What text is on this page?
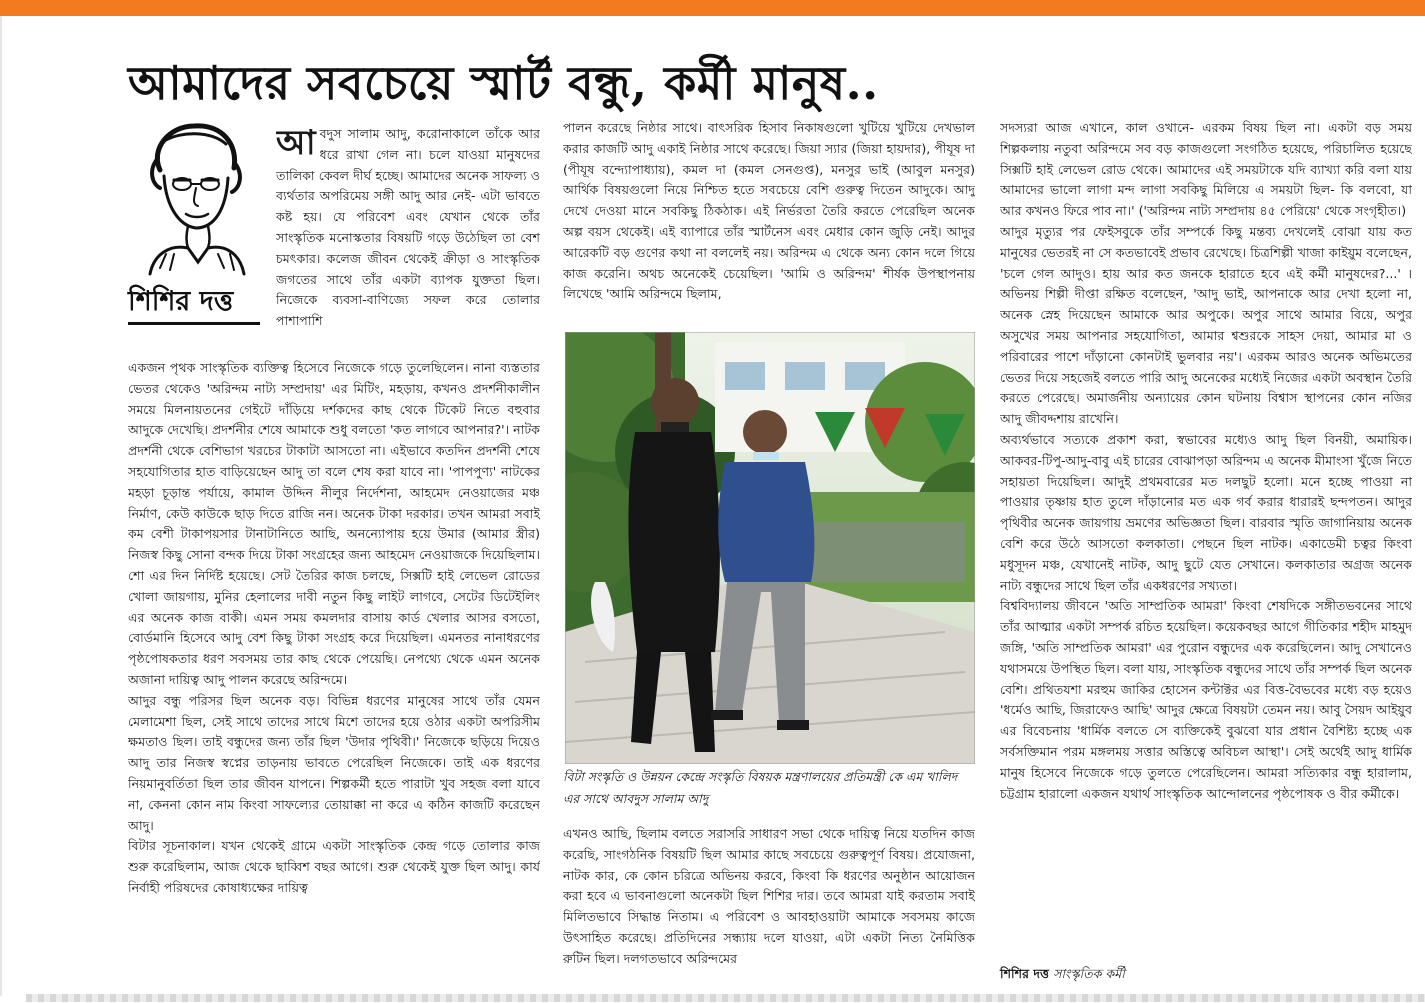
আমাদের সবচেয়ে স্মার্ট বন্ধু, কর্মী মানুষ..
শিশির দত্ত
আবদুস সালাম আদু, করোনাকালে তাঁকে আর ধরে রাখা গেল না। চলে যাওয়া মানুষদের তালিকা কেবল দীর্ঘ হচ্ছে। আমাদের অনেক সাফল্য ও ব্যর্থতার অপরিমেয় সঙ্গী আদু আর নেই- এটা ভাবতে কষ্ট হয়। যে পরিবেশ এবং যেখান থেকে তাঁর সাংস্কৃতিক মনোস্কতার বিষয়টি গড়ে উঠেছিল তা বেশ চমৎকার। কলেজ জীবন থেকেই ক্রীড়া ও সাংস্কৃতিক জগতের সাথে তাঁর একটা ব্যাপক যুক্ততা ছিল। নিজেকে ব্যবসা-বাণিজ্যে সফল করে তোলার পাশাপাশি

একজন পৃথক সাংস্কৃতিক ব্যক্তিত্ব হিসেবে নিজেকে গড়ে তুলেছিলেন। নানা ব্যস্ততার ভেতর থেকেও 'অরিন্দম নাট্য সম্প্রদায়' এর মিটিং, মহড়ায়, কখনও প্রদর্শনীকালীন সময়ে মিলনায়তনের গেইটে দাঁড়িয়ে দর্শকদের কাছ থেকে টিকেট নিতে বহুবার আদুকে দেখেছি। প্রদর্শনীর শেষে আমাকে শুধু বলতো 'কত লাগবে আপনার?'। নাটক প্রদর্শনী থেকে বেশিভাগ খরচের টাকাটা আসতো না। এইভাবে কতদিন প্রদর্শনী শেষে সহযোগিতার হাত বাড়িয়েছেন আদু তা বলে শেষ করা যাবে না। 'পাপপুণ্য' নাটকের মহড়া চূড়ান্ত পর্যায়ে, কামাল উদ্দিন নীলুর নির্দেশনা, আহমেদ নেওয়াজের মঞ্চ নির্মাণ, কেউ কাউকে ছাড় দিতে রাজি নন। অনেক টাকা দরকার। তখন আমরা সবাই কম বেশী টাকাপয়সার টানাটানিতে আছি, অনন্যোপায় হয়ে উমার (আমার স্ত্রীর) নিজস্ব কিছু সোনা বন্দক দিয়ে টাকা সংগ্রহের জন্য আহমেদ নেওয়াজকে দিয়েছিলাম। শো এর দিন নির্দিষ্ট হয়েছে। সেট তৈরির কাজ চলছে, সিক্সটি হাই লেভেল রোডের খোলা জায়গায়, মুনির হেলালের দাবী নতুন কিছু লাইট লাগবে, সেটের ডিটেইলিং এর অনেক কাজ বাকী। এমন সময় কমলদার বাসায় কার্ড খেলার আসর বসতো, বোর্ডমানি হিসেবে আদু বেশ কিছু টাকা সংগ্রহ করে দিয়েছিল। এমনতর নানাধরণের পৃষ্ঠপোষকতার ধরণ সবসময় তার কাছ থেকে পেয়েছি। নেপথ্যে থেকে এমন অনেক অজানা দায়িত্ব আদু পালন করেছে অরিন্দমে।

আদুর বন্ধু পরিসর ছিল অনেক বড়। বিভিন্ন ধরণের মানুষের সাথে তাঁর যেমন মেলামেশা ছিল, সেই সাথে তাদের সাথে মিশে তাদের হয়ে ওঠার একটা অপরিসীম ক্ষমতাও ছিল। তাই বন্ধুদের জন্য তাঁর ছিল 'উদার পৃথিবী।' নিজেকে ছড়িয়ে দিয়েও আদু তার নিজস্ব স্বপ্নের তাড়নায় ভাবতে পেরেছিল নিজেকে। তাই এক ধরণের নিয়মানুবর্তিতা ছিল তার জীবন যাপনে। শিল্পকর্মী হতে পারাটা খুব সহজ বলা যাবে না, কেননা কোন নাম কিংবা সাফল্যের তোয়াক্কা না করে এ কঠিন কাজটি করেছেন আদু।

বিটার সূচনাকাল। যখন থেকেই গ্রামে একটা সাংস্কৃতিক কেন্দ্র গড়ে তোলার কাজ শুরু করেছিলাম, আজ থেকে ছাব্বিশ বছর আগে। শুরু থেকেই যুক্ত ছিল আদু। কার্য নির্বাহী পরিষদের কোষাধ্যক্ষের দায়িত্ব

পালন করেছে নিষ্ঠার সাথে। বাৎসরিক হিসাব নিকাষগুলো খুটিয়ে খুটিয়ে দেখভাল করার কাজটি আদু একাই নিষ্ঠার সাথে করেছে। জিয়া স্যার (জিয়া হায়দার), পীযূষ দা (পীযূষ বন্দ্যোপাধ্যায়), কমল দা (কমল সেনগুপ্ত), মনসুর ভাই (আবুল মনসুর) আর্থিক বিষয়গুলো নিয়ে নিশ্চিত হতে সবচেয়ে বেশি গুরুত্ব দিতেন আদুকে। আদু দেখে দেওয়া মানে সবকিছু ঠিকঠাক। এই নির্ভরতা তৈরি করতে পেরেছিল অনেক অল্প বয়স থেকেই। এই ব্যাপারে তাঁর স্মার্টনেস এবং মেধার কোন জুড়ি নেই। আদুর আরেকটি বড় গুণের কথা না বললেই নয়। অরিন্দম এ থেকে অন্য কোন দলে গিয়ে কাজ করেনি। অথচ অনেকেই চেয়েছিল। 'আমি ও অরিন্দম' শীর্ষক উপস্থাপনায় লিখেছে 'আমি অরিন্দমে ছিলাম,

বিটা সংস্কৃতি ও উন্নয়ন কেন্দ্রে সংস্কৃতি বিষয়ক মন্ত্রণালয়ের প্রতিমন্ত্রী কে এম খালিদ এর সাথে আবদুস সালাম আদু

এখনও আছি, ছিলাম বলতে সরাসরি সাধারণ সভা থেকে দায়িত্ব নিয়ে যতদিন কাজ করেছি, সাংগঠনিক বিষয়টি ছিল আমার কাছে সবচেয়ে গুরুত্বপূর্ণ বিষয়। প্রযোজনা, নাটক কার, কে কোন চরিত্রে অভিনয় করবে, কিংবা কি ধরণের অনুষ্ঠান আয়োজন করা হবে এ ভাবনাগুলো অনেকটা ছিল শিশির দার। তবে আমরা যাই করতাম সবাই মিলিতভাবে সিদ্ধান্ত নিতাম। এ পরিবেশ ও আবহাওয়াটা আমাকে সবসময় কাজে উৎসাহিত করেছে। প্রতিদিনের সন্ধ্যায় দলে যাওয়া, এটা একটা নিত্য নৈমিত্তিক রুটিন ছিল। দলগতভাবে অরিন্দমের

সদস্যরা আজ এখানে, কাল ওখানে- এরকম বিষয় ছিল না। একটা বড় সময় শিল্পকলায় নতুবা অরিন্দমে সব বড় কাজগুলো সংগঠিত হয়েছে, পরিচালিত হয়েছে সিক্সটি হাই লেভেল রোড থেকে। আমাদের এই সময়টাকে যদি ব্যাখ্যা করি বলা যায় আমাদের ভালো লাগা মন্দ লাগা সবকিছু মিলিয়ে এ সময়টা ছিল- কি বলবো, যা আর কখনও ফিরে পাব না।' ('অরিন্দম নাট্য সম্প্রদায় ৪৫ পেরিয়ে' থেকে সংগৃহীত।)

আদুর মৃত্যুর পর ফেইসবুকে তাঁর সম্পর্কে কিছু মন্তব্য দেখলেই বোঝা যায় কত মানুষের ভেতরই না সে কতভাবেই প্রভাব রেখেছে। চিত্রশিল্পী খাজা কাইয়ুম বলেছেন, 'চলে গেল আদুও। হায় আর কত জনকে হারাতে হবে এই কর্মী মানুষদের?...' । অভিনয় শিল্পী দীপ্তা রক্ষিত বলেছেন, 'আদু ভাই, আপনাকে আর দেখা হলো না, অনেক স্নেহ দিয়েছেন আমাকে আর অপুকে। অপুর সাথে আমার বিয়ে, অপুর অসুখের সময় আপনার সহযোগিতা, আমার শ্বশুরকে সাহস দেয়া, আমার মা ও পরিবারের পাশে দাঁড়ানো কোনটাই ভুলবার নয়'। এরকম আরও অনেক অভিমতের ভেতর দিয়ে সহজেই বলতে পারি আদু অনেকের মধ্যেই নিজের একটা অবস্থান তৈরি করতে পেরেছে। অমার্জনীয় অন্যায়ের কোন ঘটনায় বিশ্বাস স্থাপনের কোন নজির আদু জীবদ্দশায় রাখেনি।

অব্যর্থভাবে সত্যকে প্রকাশ করা, স্বভাবের মধ্যেও আদু ছিল বিনয়ী, অমায়িক। আকবর-টিপু-আদু-বাবু এই চারের বোঝাপড়া অরিন্দম এ অনেক মীমাংসা খুঁজে নিতে সহায়তা দিয়েছিল। আদুই প্রথমবারের মত দলছুট হলো। মনে হচ্ছে পাওয়া না পাওয়ার তৃষ্ণায় হাত তুলে দাঁড়ানোর মত এক গর্ব করার ধারারই ছন্দপতন। আদুর পৃথিবীর অনেক জায়গায় ভ্রমণের অভিজ্ঞতা ছিল। বারবার স্মৃতি জাগানিয়ায় অনেক বেশি করে উঠে আসতো কলকাতা। পেছনে ছিল নাটক। একাডেমী চত্বর কিংবা মধুসূদন মঞ্চ, যেখানেই নাটক, আদু ছুটে যেত সেখানে। কলকাতার অগ্রজ অনেক নাট্য বন্ধুদের সাথে ছিল তাঁর একধরণের সখ্যতা।

বিশ্ববিদ্যালয় জীবনে 'অতি সাম্প্রতিক আমরা' কিংবা শেষদিকে সঙ্গীতভবনের সাথে তাঁর আত্মার একটা সম্পর্ক রচিত হয়েছিল। কয়েকবছর আগে গীতিকার শহীদ মাহমুদ জঙ্গি, 'অতি সাম্প্রতিক আমরা' এর পুরোন বন্ধুদের এক করেছিলেন। আদু সেখানেও যথাসময়ে উপস্থিত ছিল। বলা যায়, সাংস্কৃতিক বন্ধুদের সাথে তাঁর সম্পর্ক ছিল অনেক বেশি। প্রথিতযশা মরহুম জাকির হোসেন কন্টাক্টর এর বিত্ত-বৈভবের মধ্যে বড় হয়েও 'ধর্মেও আছি, জিরাফেও আছি' আদুর ক্ষেত্রে বিষয়টা তেমন নয়। আবু সৈয়দ আইয়ুব এর বিবেচনায় 'ধার্মিক বলতে সে ব্যক্তিকেই বুঝবো যার প্রধান বৈশিষ্ট্য হচ্ছে এক সর্বসক্তিমান পরম মঙ্গলময় সত্তার অস্তিত্বে অবিচল আস্থা'। সেই অর্থেই আদু ধার্মিক মানুষ হিসেবে নিজেকে গড়ে তুলতে পেরেছিলেন। আমরা সত্যিকার বন্ধু হারালাম, চট্টগ্রাম হারালো একজন যথার্থ সাংস্কৃতিক আন্দোলনের পৃষ্ঠপোষক ও বীর কর্মীকে।

শিশির দত্ত সাংস্কৃতিক কর্মী
